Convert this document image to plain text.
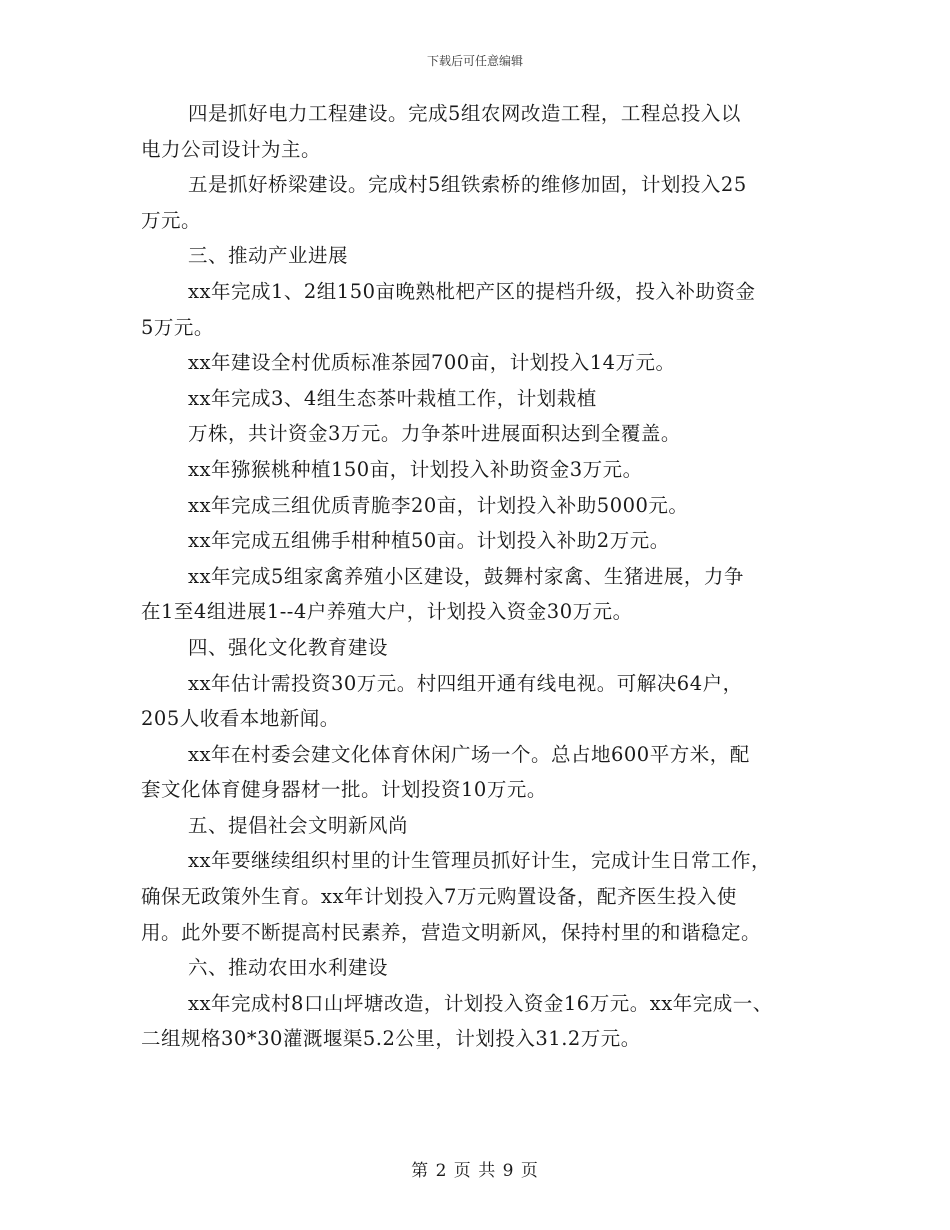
下载后可任意编辑
四是抓好电力工程建设。完成5组农网改造工程，工程总投入以
电力公司设计为主。
五是抓好桥梁建设。完成村5组铁索桥的维修加固，计划投入25
万元。
三、推动产业进展
xx年完成1、2组150亩晚熟枇杷产区的提档升级，投入补助资金
5万元。
xx年建设全村优质标准茶园700亩，计划投入14万元。
xx年完成3、4组生态茶叶栽植工作，计划栽植
万株，共计资金3万元。力争茶叶进展面积达到全覆盖。
xx年猕猴桃种植150亩，计划投入补助资金3万元。
xx年完成三组优质青脆李20亩，计划投入补助5000元。
xx年完成五组佛手柑种植50亩。计划投入补助2万元。
xx年完成5组家禽养殖小区建设，鼓舞村家禽、生猪进展，力争
在1至4组进展1--4户养殖大户，计划投入资金30万元。
四、强化文化教育建设
xx年估计需投资30万元。村四组开通有线电视。可解决64户，
205人收看本地新闻。
xx年在村委会建文化体育休闲广场一个。总占地600平方米，配
套文化体育健身器材一批。计划投资10万元。
五、提倡社会文明新风尚
xx年要继续组织村里的计生管理员抓好计生，完成计生日常工作，
确保无政策外生育。xx年计划投入7万元购置设备，配齐医生投入使
用。此外要不断提高村民素养，营造文明新风，保持村里的和谐稳定。
六、推动农田水利建设
xx年完成村8口山坪塘改造，计划投入资金16万元。xx年完成一、
二组规格30*30灌溉堰渠5.2公里，计划投入31.2万元。
第 2 页 共 9 页
